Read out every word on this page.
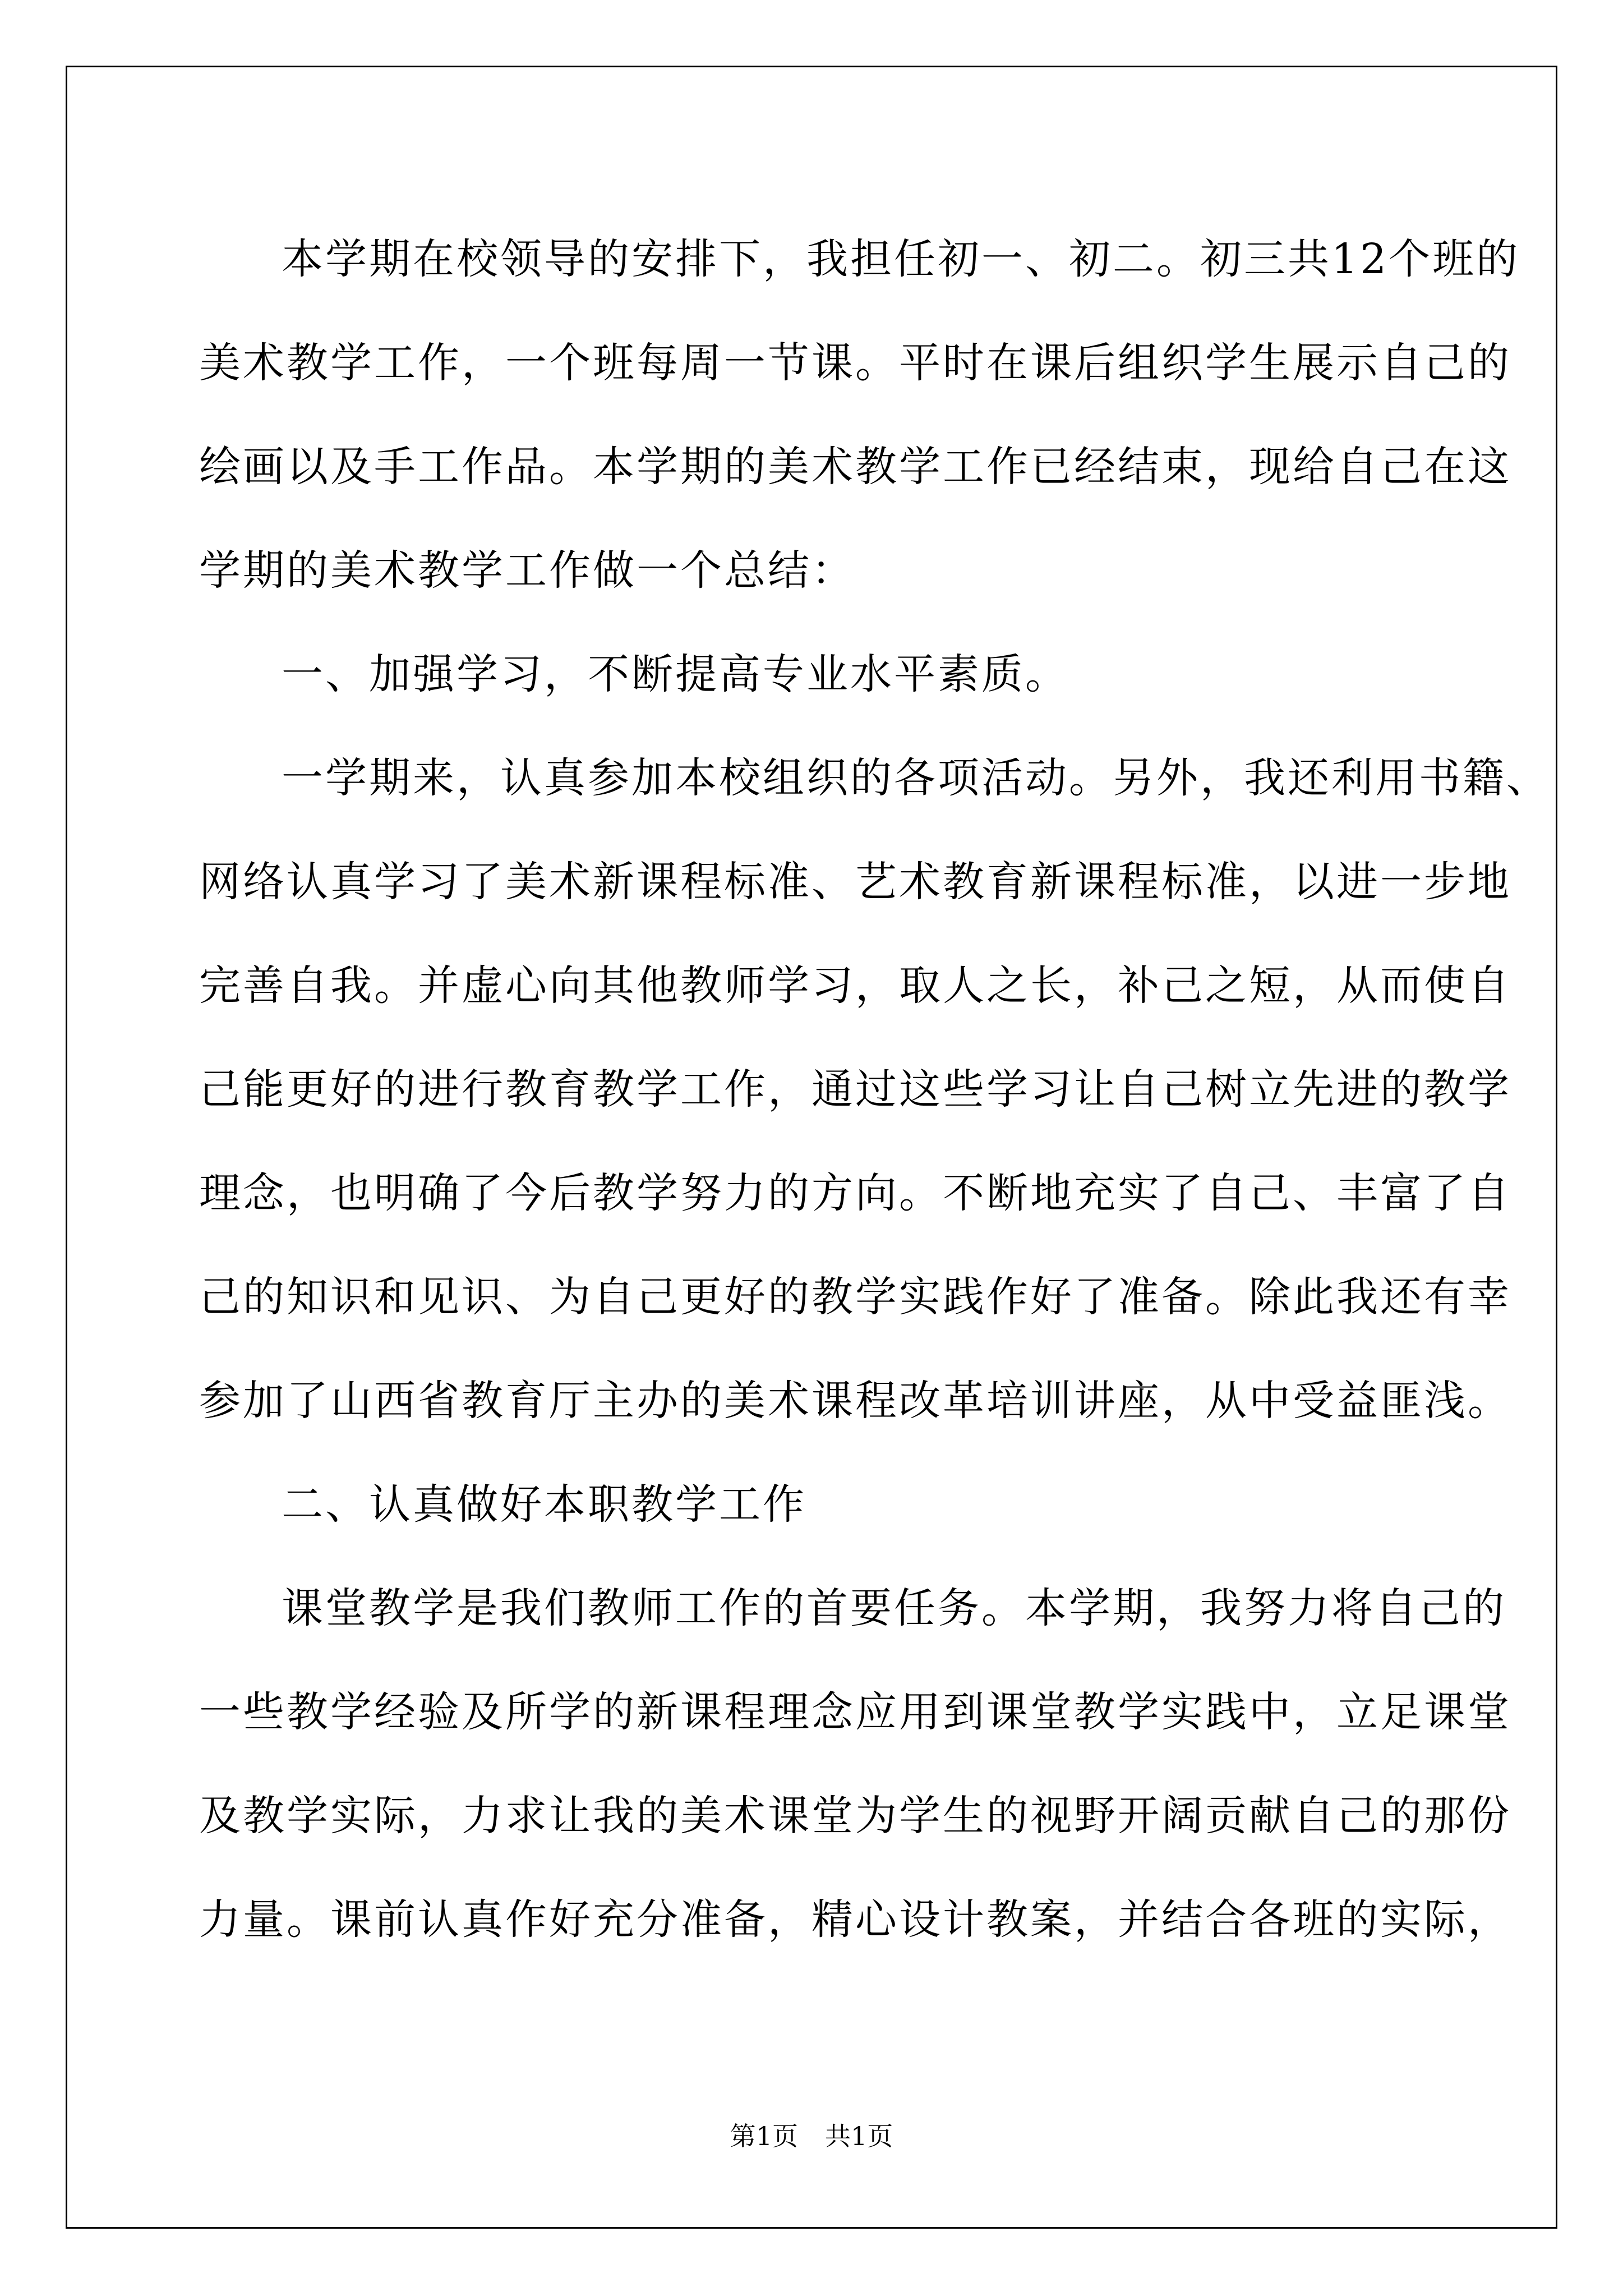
本学期在校领导的安排下，我担任初一、初二。初三共12个班的
美术教学工作，一个班每周一节课。平时在课后组织学生展示自己的
绘画以及手工作品。本学期的美术教学工作已经结束，现给自己在这
学期的美术教学工作做一个总结：
一、加强学习，不断提高专业水平素质。
一学期来，认真参加本校组织的各项活动。另外，我还利用书籍、
网络认真学习了美术新课程标准、艺术教育新课程标准，以进一步地
完善自我。并虚心向其他教师学习，取人之长，补己之短，从而使自
己能更好的进行教育教学工作，通过这些学习让自己树立先进的教学
理念，也明确了今后教学努力的方向。不断地充实了自己、丰富了自
己的知识和见识、为自己更好的教学实践作好了准备。除此我还有幸
参加了山西省教育厅主办的美术课程改革培训讲座，从中受益匪浅。
二、认真做好本职教学工作
课堂教学是我们教师工作的首要任务。本学期，我努力将自己的
一些教学经验及所学的新课程理念应用到课堂教学实践中，立足课堂
及教学实际，力求让我的美术课堂为学生的视野开阔贡献自己的那份
力量。课前认真作好充分准备，精心设计教案，并结合各班的实际，
第1页 共1页
